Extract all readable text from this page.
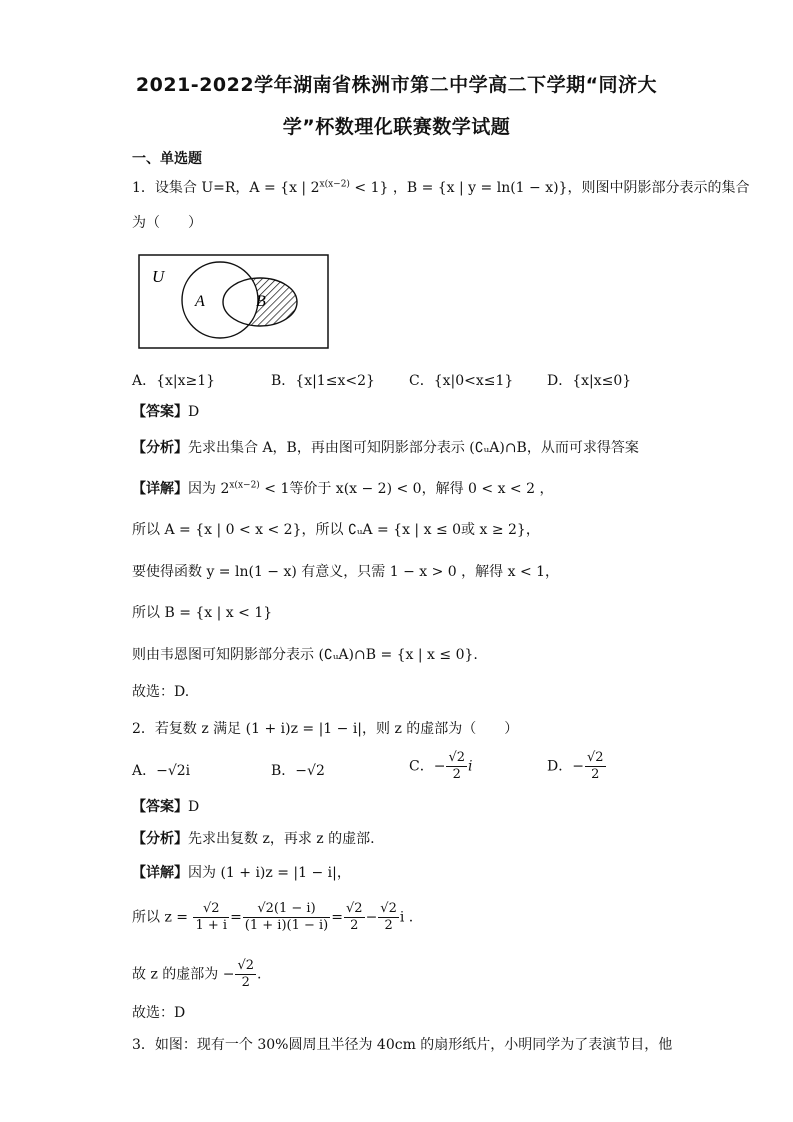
2021-2022学年湖南省株洲市第二中学高二下学期“同济大
学”杯数理化联赛数学试题
一、单选题
1．设集合 U=R，A = {x | $2^{x(x-2)} < 1$} ，B = {x | y = ln(1 − x)}，则图中阴影部分表示的集合
为（　　）
U
A	B
A．{x|x≥1}	B．{x|1≤x<2} C．{x|0<x≤1} D．{x|x≤0}
【答案】D
【分析】先求出集合 A，B，再由图可知阴影部分表示 (∁ᵤA)∩B，从而可求得答案
【详解】因为 $2^{x(x-2)} < 1$等价于 x(x − 2) < 0，解得 0 < x < 2 ，
所以 A = {x | 0 < x < 2}，所以 ∁ᵤA = {x | x ≤ 0或 x ≥ 2}，
要使得函数 y = ln(1 − x) 有意义，只需 1 − x > 0 ，解得 x < 1，
所以 B = {x | x < 1}
则由韦恩图可知阴影部分表示 (∁ᵤA)∩B = {x | x ≤ 0}.
故选：D.
2．若复数 z 满足 (1 + i)z = |1 − i|，则 z 的虚部为（　　）
A．−√2i	B．−√2	C．− $\frac{√2}{2}$ i	D．− $\frac{√2}{2}$
【答案】D
【分析】先求出复数 z，再求 z 的虚部.
【详解】因为 (1 + i)z = |1 − i|，
所以 $z = \frac{√2}{1 + i} = \frac{√2(1 - i)}{(1 + i)(1 - i)} = \frac{√2}{2} - \frac{√2}{2}$ i .
故 z 的虚部为 − $\frac{√2}{2}$ .
故选：D
3．如图：现有一个 30%圆周且半径为 40cm 的扇形纸片，小明同学为了表演节目，他
